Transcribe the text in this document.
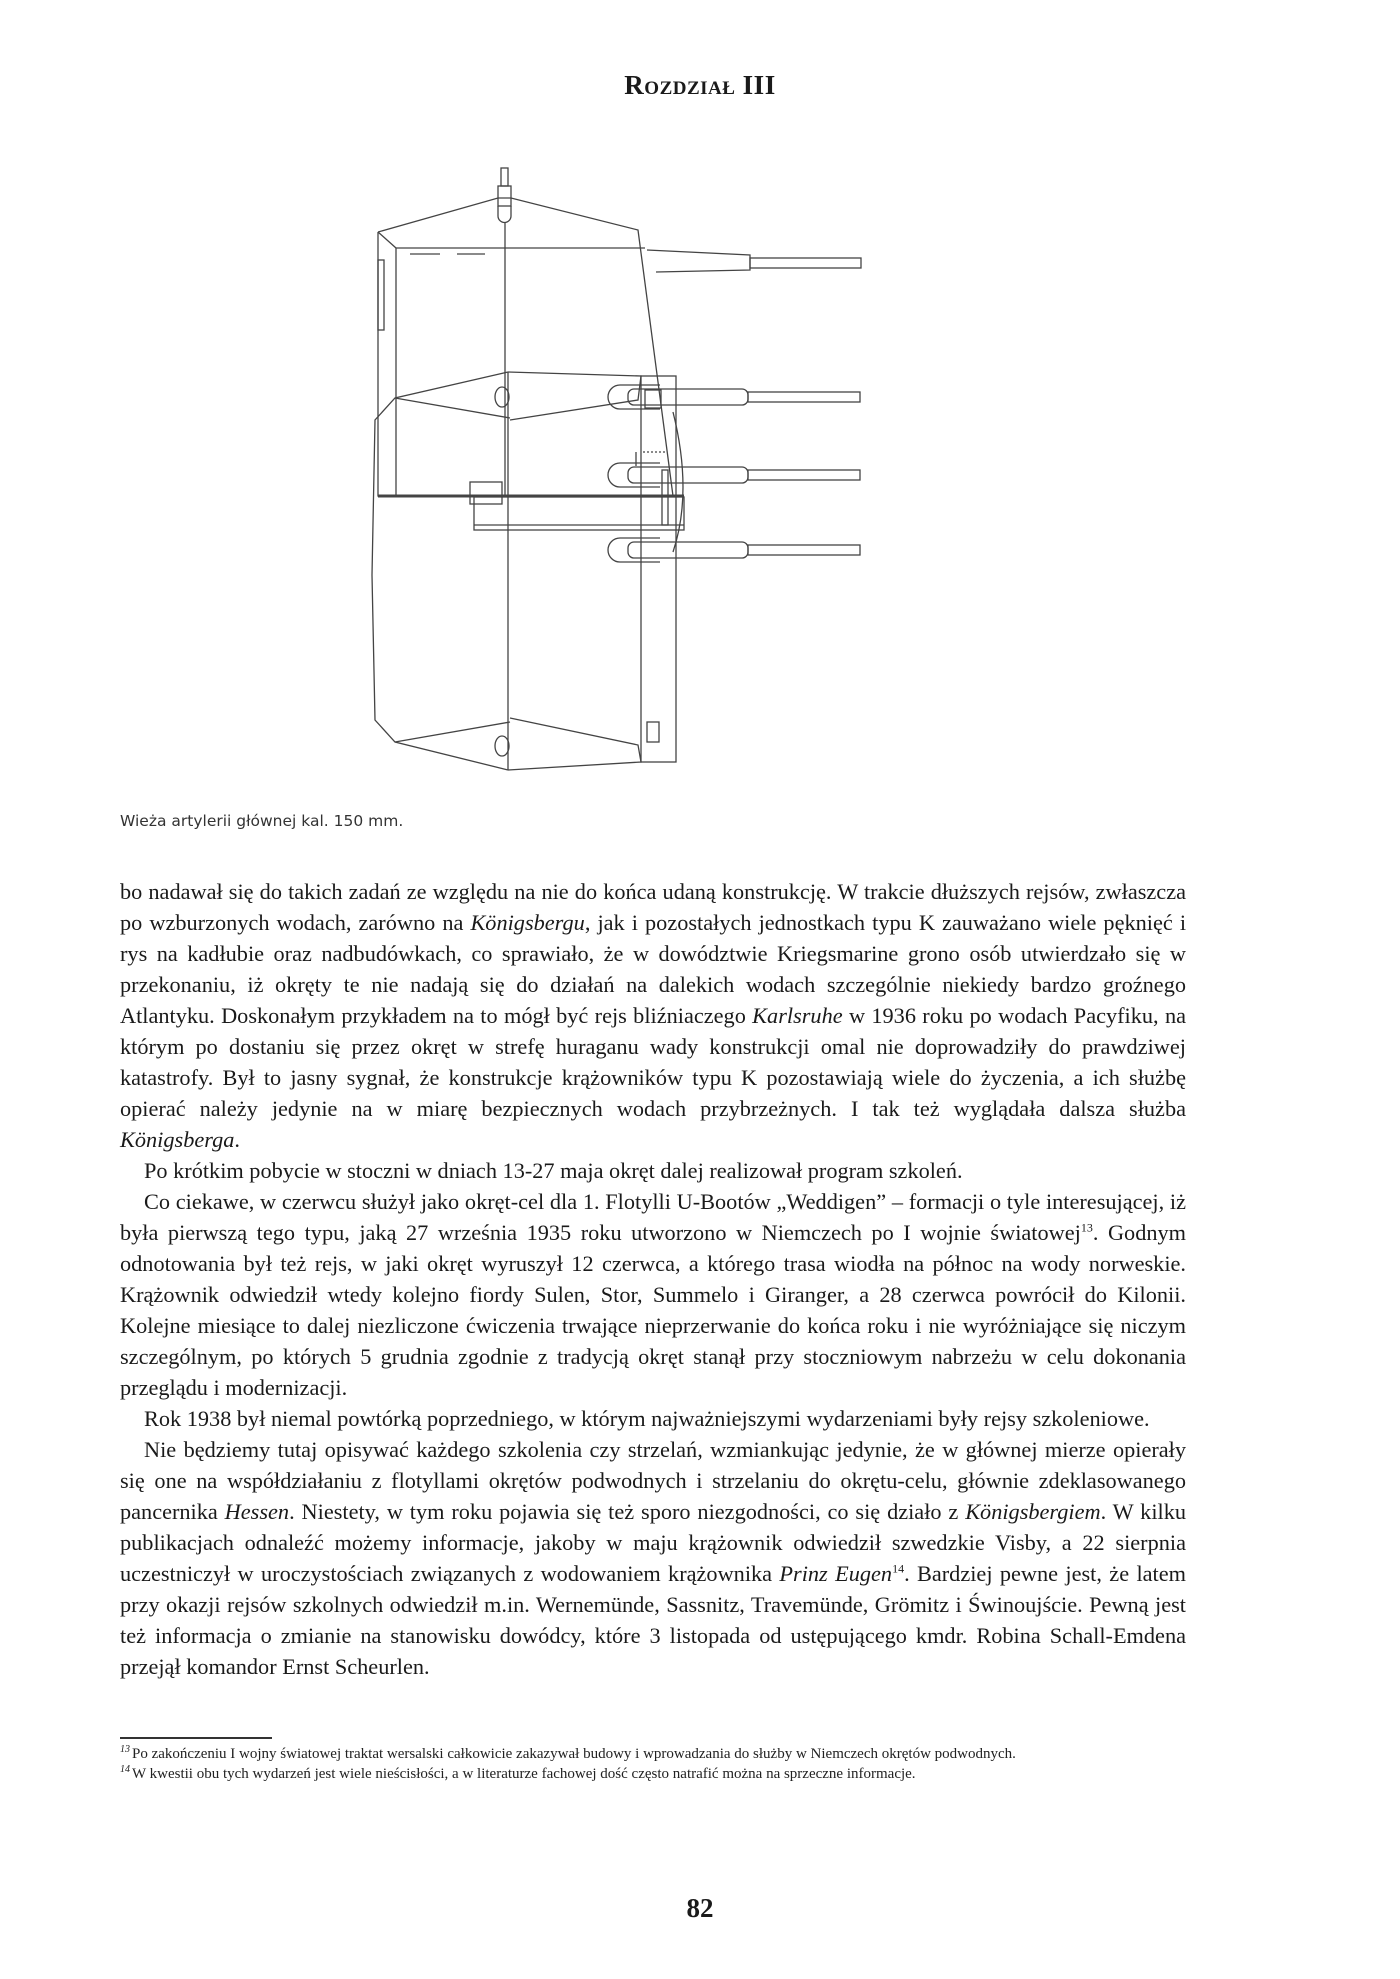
Rozdział III
Wieża artylerii głównej kal. 150 mm.

bo nadawał się do takich zadań ze względu na nie do końca udaną konstrukcję. W trakcie dłuższych rejsów, zwłaszcza po wzburzonych wodach, zarówno na Königsbergu, jak i pozostałych jednostkach typu K zauważano wiele pęknięć i rys na kadłubie oraz nadbudówkach, co sprawiało, że w dowództwie Kriegsmarine grono osób utwierdzało się w przekonaniu, iż okręty te nie nadają się do działań na dalekich wodach szczególnie niekiedy bardzo groźnego Atlantyku. Doskonałym przykładem na to mógł być rejs bliźniaczego Karlsruhe w 1936 roku po wodach Pacyfiku, na którym po dostaniu się przez okręt w strefę huraganu wady konstrukcji omal nie doprowadziły do prawdziwej katastrofy. Był to jasny sygnał, że konstrukcje krążowników typu K pozostawiają wiele do życzenia, a ich służbę opierać należy jedynie na w miarę bezpiecznych wodach przybrzeżnych. I tak też wyglądała dalsza służba Königsberga.

Po krótkim pobycie w stoczni w dniach 13-27 maja okręt dalej realizował program szkoleń.

Co ciekawe, w czerwcu służył jako okręt-cel dla 1. Flotylli U-Bootów „Weddigen” – formacji o tyle interesującej, iż była pierwszą tego typu, jaką 27 września 1935 roku utworzono w Niemczech po I wojnie światowej$^{13}$. Godnym odnotowania był też rejs, w jaki okręt wyruszył 12 czerwca, a którego trasa wiodła na północ na wody norweskie. Krążownik odwiedził wtedy kolejno fiordy Sulen, Stor, Summelo i Giranger, a 28 czerwca powrócił do Kilonii. Kolejne miesiące to dalej niezliczone ćwiczenia trwające nieprzerwanie do końca roku i nie wyróżniające się niczym szczególnym, po których 5 grudnia zgodnie z tradycją okręt stanął przy stoczniowym nabrzeżu w celu dokonania przeglądu i modernizacji.

Rok 1938 był niemal powtórką poprzedniego, w którym najważniejszymi wydarzeniami były rejsy szkoleniowe.

Nie będziemy tutaj opisywać każdego szkolenia czy strzelań, wzmiankując jedynie, że w głównej mierze opierały się one na współdziałaniu z flotyllami okrętów podwodnych i strzelaniu do okrętu-celu, głównie zdeklasowanego pancernika Hessen. Niestety, w tym roku pojawia się też sporo niezgodności, co się działo z Königsbergiem. W kilku publikacjach odnaleźć możemy informacje, jakoby w maju krążownik odwiedził szwedzkie Visby, a 22 sierpnia uczestniczył w uroczystościach związanych z wodowaniem krążownika Prinz Eugen$^{14}$. Bardziej pewne jest, że latem przy okazji rejsów szkolnych odwiedził m.in. Wernemünde, Sassnitz, Travemünde, Grömitz i Świnoujście. Pewną jest też informacja o zmianie na stanowisku dowódcy, które 3 listopada od ustępującego kmdr. Robina Schall-Emdena przejął komandor Ernst Scheurlen.

$^{13}$ Po zakończeniu I wojny światowej traktat wersalski całkowicie zakazywał budowy i wprowadzania do służby w Niemczech okrętów podwodnych.

$^{14}$ W kwestii obu tych wydarzeń jest wiele nieścisłości, a w literaturze fachowej dość często natrafić można na sprzeczne informacje.

82
